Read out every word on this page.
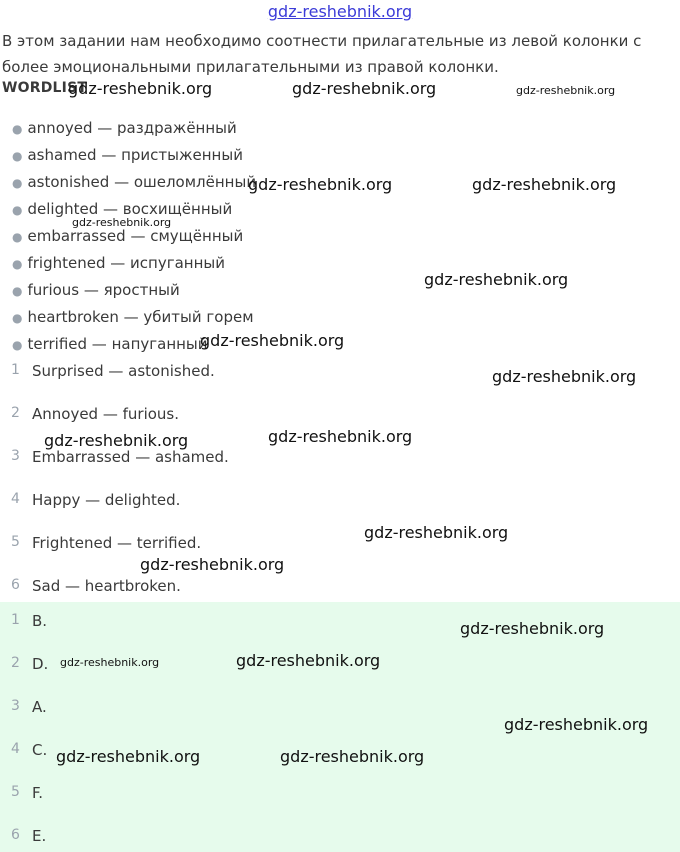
gdz-reshebnik.org
В этом задании нам необходимо соотнести прилагательные из левой колонки с более эмоциональными прилагательными из правой колонки.
WORDLIST
● annoyed — раздражённый
● ashamed — пристыженный
● astonished — ошеломлённый
● delighted — восхищённый
● embarrassed — смущённый
● frightened — испуганный
● furious — яростный
● heartbroken — убитый горем
● terrified — напуганный
1 Surprised — astonished.
2 Annoyed — furious.
3 Embarrassed — ashamed.
4 Happy — delighted.
5 Frightened — terrified.
6 Sad — heartbroken.
1 B.
2 D.
3 A.
4 C.
5 F.
6 E.
gdz-reshebnik.org	gdz-reshebnik.org	gdz-reshebnik.org
gdz-reshebnik.org	gdz-reshebnik.org
gdz-reshebnik.org
gdz-reshebnik.org
gdz-reshebnik.org
gdz-reshebnik.org
gdz-reshebnik.org	gdz-reshebnik.org
gdz-reshebnik.org
gdz-reshebnik.org
gdz-reshebnik.org
gdz-reshebnik.org	gdz-reshebnik.org
gdz-reshebnik.org
gdz-reshebnik.org	gdz-reshebnik.org
